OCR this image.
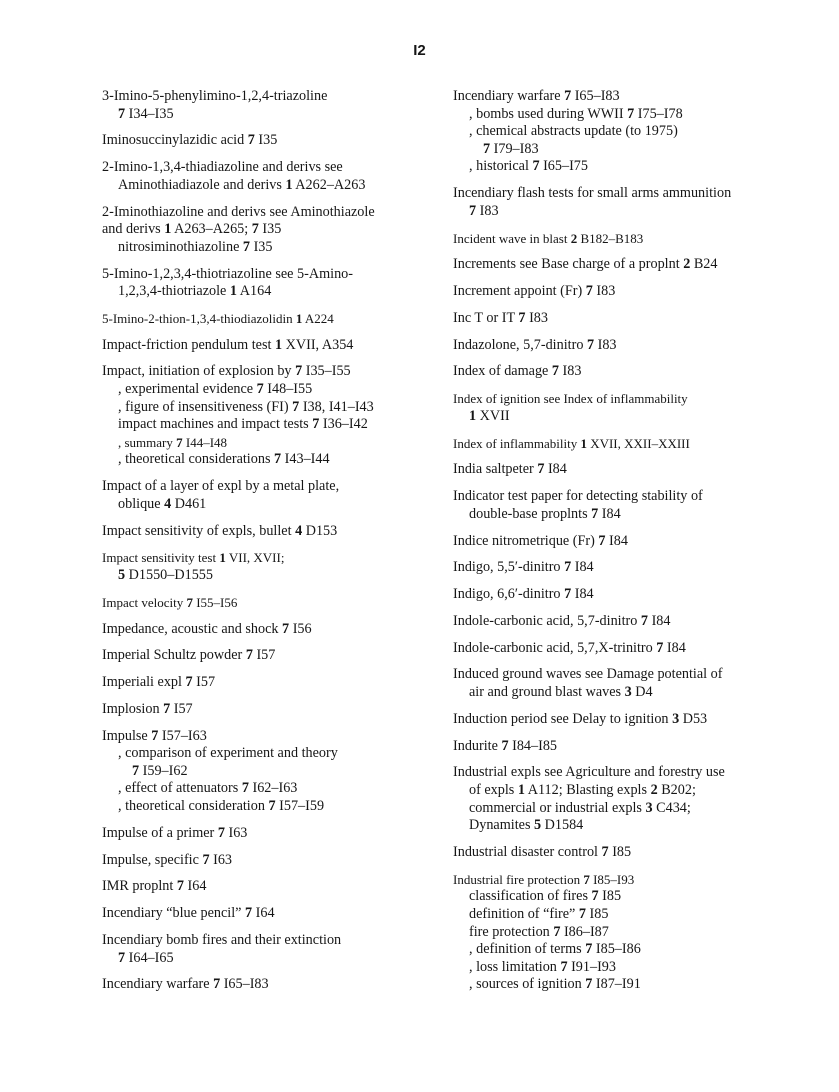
I2
3-Imino-5-phenylimino-1,2,4-triazoline
7 I34–I35
Iminosuccinylazidic acid 7 I35
2-Imino-1,3,4-thiadiazoline and derivs see
Aminothiadiazole and derivs 1 A262–A263
2-Iminothiazoline and derivs see Aminothiazole
and derivs 1 A263–A265; 7 I35
nitrosiminothiazoline 7 I35
5-Imino-1,2,3,4-thiotriazoline see 5-Amino-
1,2,3,4-thiotriazole 1 A164
5-Imino-2-thion-1,3,4-thiodiazolidin 1 A224
Impact-friction pendulum test 1 XVII, A354
Impact, initiation of explosion by 7 I35–I55
, experimental evidence 7 I48–I55
, figure of insensitiveness (FI) 7 I38, I41–I43
impact machines and impact tests 7 I36–I42
, summary 7 I44–I48
, theoretical considerations 7 I43–I44
Impact of a layer of expl by a metal plate,
oblique 4 D461
Impact sensitivity of expls, bullet 4 D153
Impact sensitivity test 1 VII, XVII;
5 D1550–D1555
Impact velocity 7 I55–I56
Impedance, acoustic and shock 7 I56
Imperial Schultz powder 7 I57
Imperiali expl 7 I57
Implosion 7 I57
Impulse 7 I57–I63
, comparison of experiment and theory
7 I59–I62
, effect of attenuators 7 I62–I63
, theoretical consideration 7 I57–I59
Impulse of a primer 7 I63
Impulse, specific 7 I63
IMR proplnt 7 I64
Incendiary “blue pencil” 7 I64
Incendiary bomb fires and their extinction
7 I64–I65
Incendiary warfare 7 I65–I83
Incendiary warfare 7 I65–I83
, bombs used during WWII 7 I75–I78
, chemical abstracts update (to 1975)
7 I79–I83
, historical 7 I65–I75
Incendiary flash tests for small arms ammunition
7 I83
Incident wave in blast 2 B182–B183
Increments see Base charge of a proplnt 2 B24
Increment appoint (Fr) 7 I83
Inc T or IT 7 I83
Indazolone, 5,7-dinitro 7 I83
Index of damage 7 I83
Index of ignition see Index of inflammability
1 XVII
Index of inflammability 1 XVII, XXII–XXIII
India saltpeter 7 I84
Indicator test paper for detecting stability of
double-base proplnts 7 I84
Indice nitrometrique (Fr) 7 I84
Indigo, 5,5′-dinitro 7 I84
Indigo, 6,6′-dinitro 7 I84
Indole-carbonic acid, 5,7-dinitro 7 I84
Indole-carbonic acid, 5,7,X-trinitro 7 I84
Induced ground waves see Damage potential of
air and ground blast waves 3 D4
Induction period see Delay to ignition 3 D53
Indurite 7 I84–I85
Industrial expls see Agriculture and forestry use
of expls 1 A112; Blasting expls 2 B202;
commercial or industrial expls 3 C434;
Dynamites 5 D1584
Industrial disaster control 7 I85
Industrial fire protection 7 I85–I93
classification of fires 7 I85
definition of “fire” 7 I85
fire protection 7 I86–I87
, definition of terms 7 I85–I86
, loss limitation 7 I91–I93
, sources of ignition 7 I87–I91
